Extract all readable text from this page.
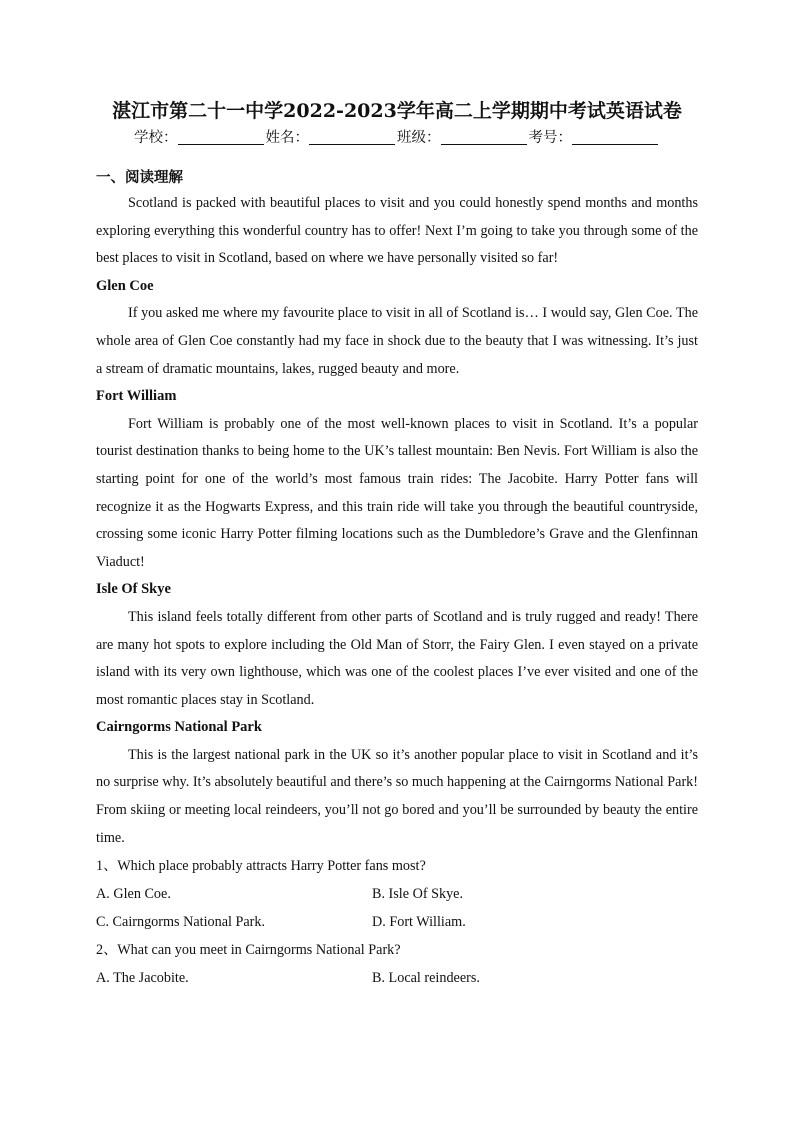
湛江市第二十一中学2022-2023学年高二上学期期中考试英语试卷
学校：	姓名：	班级：	考号：
一、阅读理解

Scotland is packed with beautiful places to visit and you could honestly spend months and months exploring everything this wonderful country has to offer! Next I’m going to take you through some of the best places to visit in Scotland, based on where we have personally visited so far!

Glen Coe

If you asked me where my favourite place to visit in all of Scotland is… I would say, Glen Coe. The whole area of Glen Coe constantly had my face in shock due to the beauty that I was witnessing. It’s just a stream of dramatic mountains, lakes, rugged beauty and more.

Fort William

Fort William is probably one of the most well-known places to visit in Scotland. It’s a popular tourist destination thanks to being home to the UK’s tallest mountain: Ben Nevis. Fort William is also the starting point for one of the world’s most famous train rides: The Jacobite. Harry Potter fans will recognize it as the Hogwarts Express, and this train ride will take you through the beautiful countryside, crossing some iconic Harry Potter filming locations such as the Dumbledore’s Grave and the Glenfinnan Viaduct!

Isle Of Skye

This island feels totally different from other parts of Scotland and is truly rugged and ready! There are many hot spots to explore including the Old Man of Storr, the Fairy Glen. I even stayed on a private island with its very own lighthouse, which was one of the coolest places I’ve ever visited and one of the most romantic places stay in Scotland.

Cairngorms National Park

This is the largest national park in the UK so it’s another popular place to visit in Scotland and it’s no surprise why. It’s absolutely beautiful and there’s so much happening at the Cairngorms National Park! From skiing or meeting local reindeers, you’ll not go bored and you’ll be surrounded by beauty the entire time.

1、Which place probably attracts Harry Potter fans most?
A. Glen Coe.	B. Isle Of Skye.
C. Cairngorms National Park.	D. Fort William.
2、What can you meet in Cairngorms National Park?
A. The Jacobite.	B. Local reindeers.
